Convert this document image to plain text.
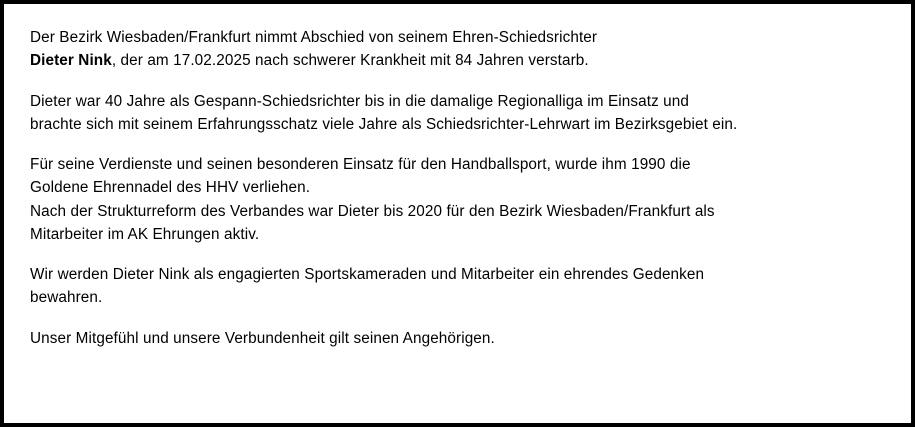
Der Bezirk Wiesbaden/Frankfurt nimmt Abschied von seinem Ehren-Schiedsrichter
Dieter Nink, der am 17.02.2025 nach schwerer Krankheit mit 84 Jahren verstarb.

Dieter war 40 Jahre als Gespann-Schiedsrichter bis in die damalige Regionalliga im Einsatz und
brachte sich mit seinem Erfahrungsschatz viele Jahre als Schiedsrichter-Lehrwart im Bezirksgebiet ein.

Für seine Verdienste und seinen besonderen Einsatz für den Handballsport, wurde ihm 1990 die
Goldene Ehrennadel des HHV verliehen.
Nach der Strukturreform des Verbandes war Dieter bis 2020 für den Bezirk Wiesbaden/Frankfurt als
Mitarbeiter im AK Ehrungen aktiv.

Wir werden Dieter Nink als engagierten Sportskameraden und Mitarbeiter ein ehrendes Gedenken
bewahren.

Unser Mitgefühl und unsere Verbundenheit gilt seinen Angehörigen.
